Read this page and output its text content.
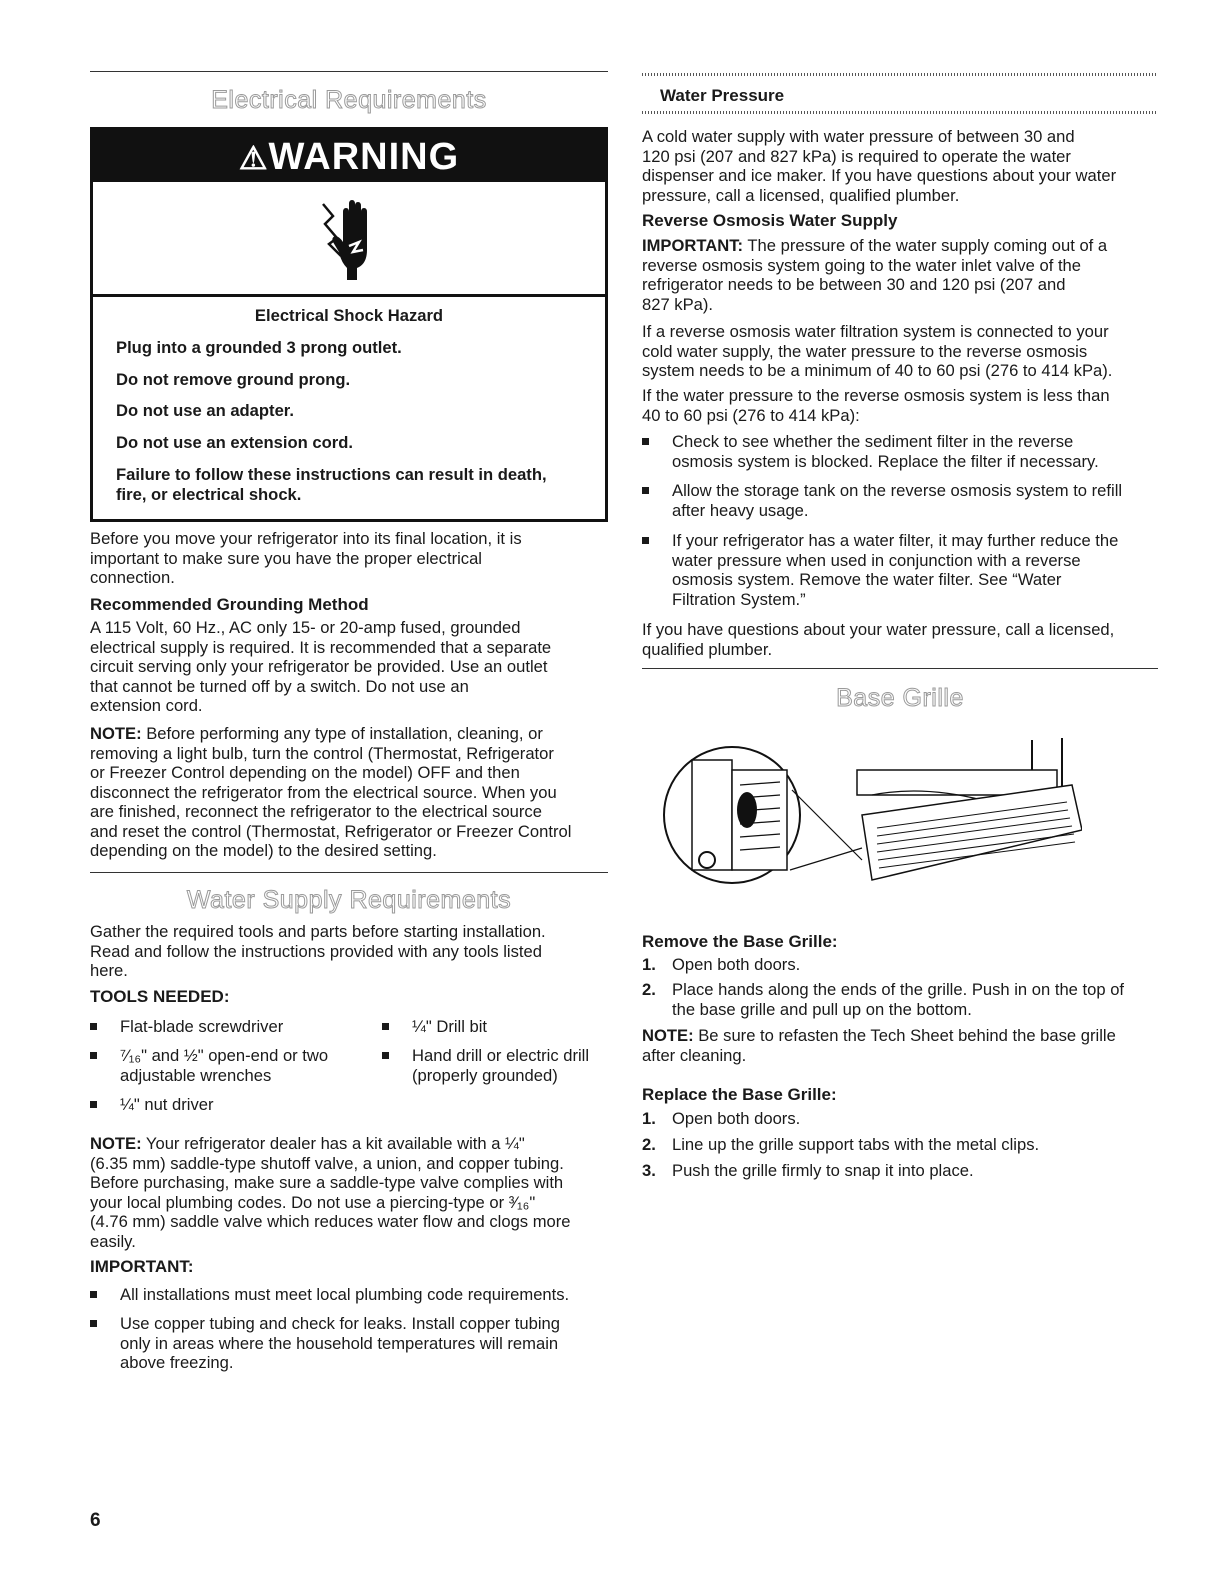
Electrical Requirements
⚠WARNING
Electrical Shock Hazard
Plug into a grounded 3 prong outlet.
Do not remove ground prong.
Do not use an adapter.
Do not use an extension cord.
Failure to follow these instructions can result in death,
fire, or electrical shock.
Before you move your refrigerator into its final location, it is
important to make sure you have the proper electrical
connection.
Recommended Grounding Method
A 115 Volt, 60 Hz., AC only 15- or 20-amp fused, grounded
electrical supply is required. It is recommended that a separate
circuit serving only your refrigerator be provided. Use an outlet
that cannot be turned off by a switch. Do not use an
extension cord.
NOTE: Before performing any type of installation, cleaning, or
removing a light bulb, turn the control (Thermostat, Refrigerator
or Freezer Control depending on the model) OFF and then
disconnect the refrigerator from the electrical source. When you
are finished, reconnect the refrigerator to the electrical source
and reset the control (Thermostat, Refrigerator or Freezer Control
depending on the model) to the desired setting.
Water Supply Requirements
Gather the required tools and parts before starting installation.
Read and follow the instructions provided with any tools listed
here.
TOOLS NEEDED:
Flat-blade screwdriver
⁷⁄₁₆" and ½" open-end or two
adjustable wrenches
¼" nut driver
¼" Drill bit
Hand drill or electric drill
(properly grounded)
NOTE: Your refrigerator dealer has a kit available with a ¼"
(6.35 mm) saddle-type shutoff valve, a union, and copper tubing.
Before purchasing, make sure a saddle-type valve complies with
your local plumbing codes. Do not use a piercing-type or ³⁄₁₆"
(4.76 mm) saddle valve which reduces water flow and clogs more
easily.
IMPORTANT:
All installations must meet local plumbing code requirements.
Use copper tubing and check for leaks. Install copper tubing
only in areas where the household temperatures will remain
above freezing.
6
Water Pressure
A cold water supply with water pressure of between 30 and
120 psi (207 and 827 kPa) is required to operate the water
dispenser and ice maker. If you have questions about your water
pressure, call a licensed, qualified plumber.
Reverse Osmosis Water Supply
IMPORTANT: The pressure of the water supply coming out of a
reverse osmosis system going to the water inlet valve of the
refrigerator needs to be between 30 and 120 psi (207 and
827 kPa).
If a reverse osmosis water filtration system is connected to your
cold water supply, the water pressure to the reverse osmosis
system needs to be a minimum of 40 to 60 psi (276 to 414 kPa).
If the water pressure to the reverse osmosis system is less than
40 to 60 psi (276 to 414 kPa):
Check to see whether the sediment filter in the reverse
osmosis system is blocked. Replace the filter if necessary.
Allow the storage tank on the reverse osmosis system to refill
after heavy usage.
If your refrigerator has a water filter, it may further reduce the
water pressure when used in conjunction with a reverse
osmosis system. Remove the water filter. See “Water
Filtration System.”
If you have questions about your water pressure, call a licensed,
qualified plumber.
Base Grille
Remove the Base Grille:
1. Open both doors.
2. Place hands along the ends of the grille. Push in on the top of
the base grille and pull up on the bottom.
NOTE: Be sure to refasten the Tech Sheet behind the base grille
after cleaning.
Replace the Base Grille:
1. Open both doors.
2. Line up the grille support tabs with the metal clips.
3. Push the grille firmly to snap it into place.
